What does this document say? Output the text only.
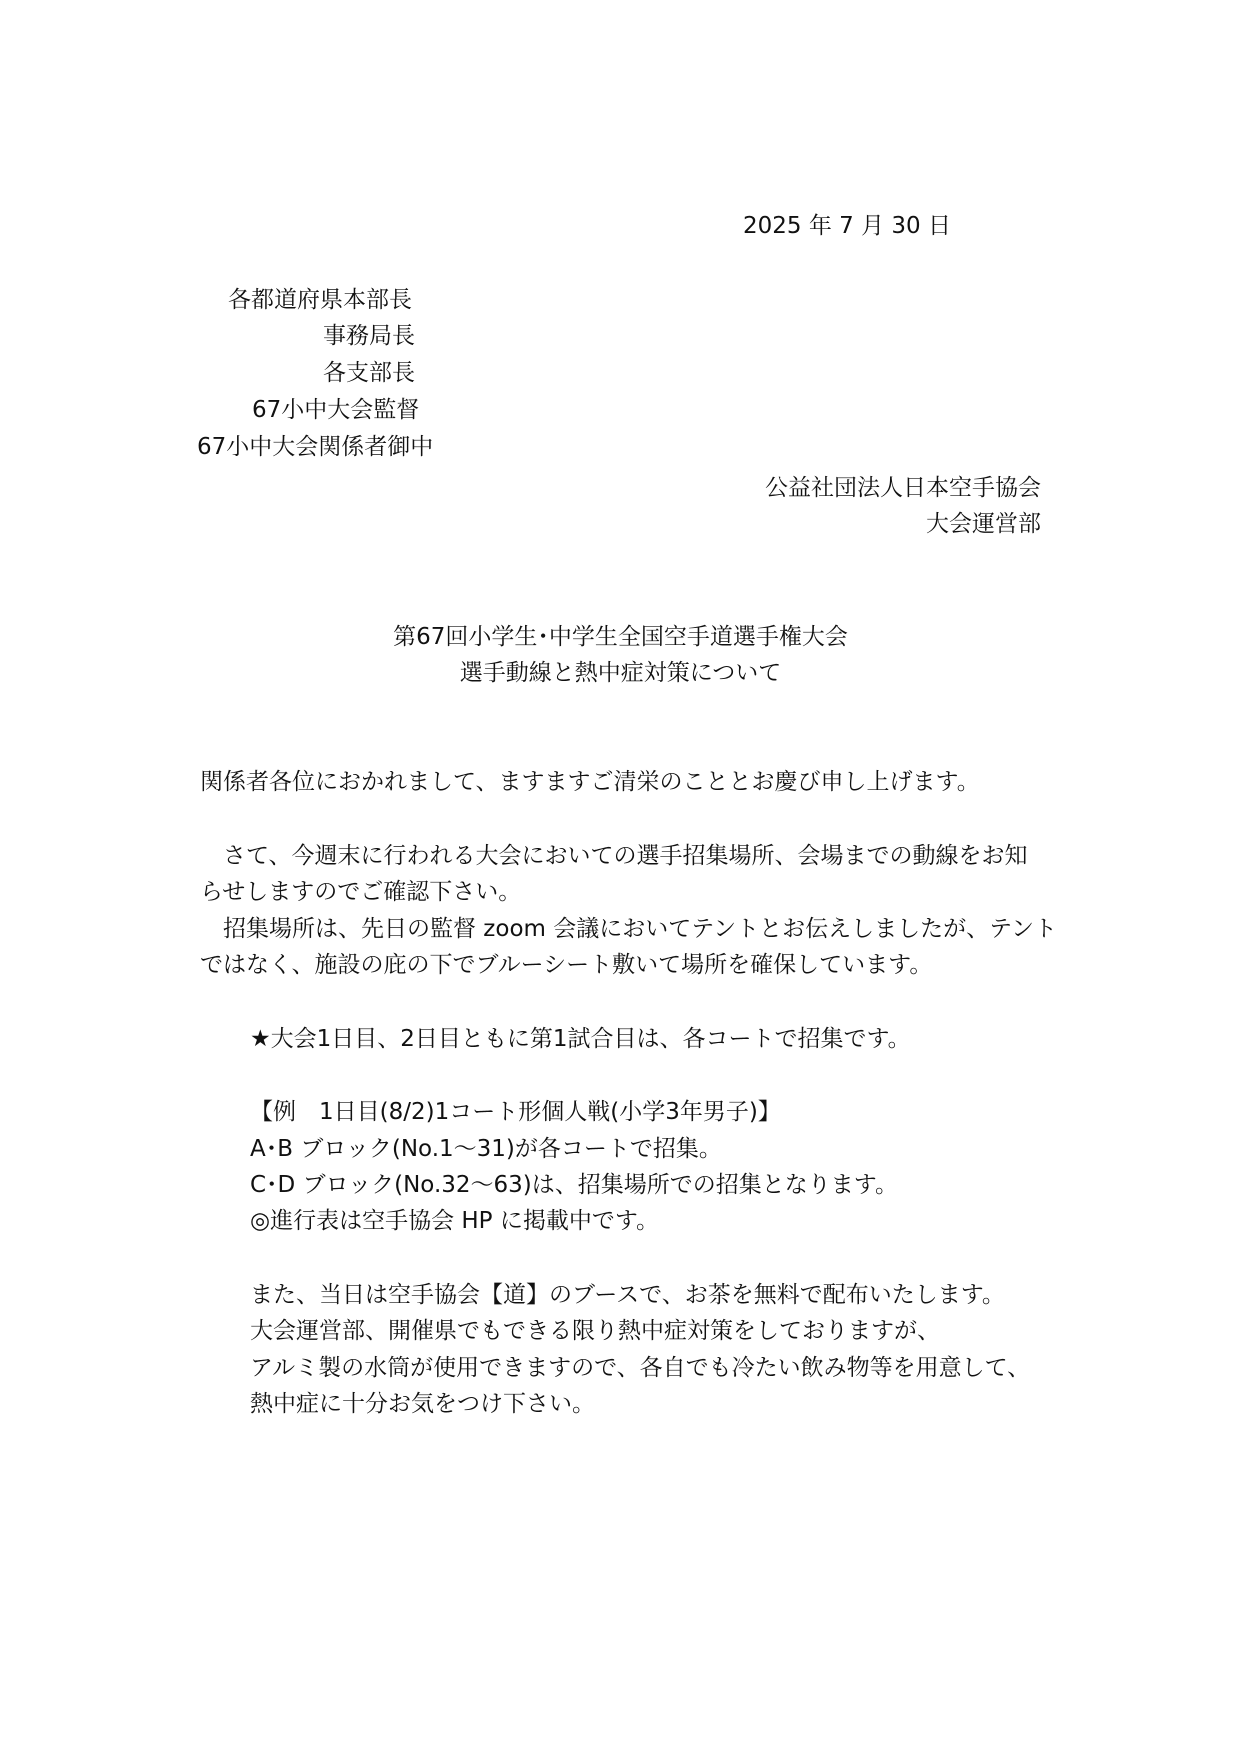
2025 年 7 月 30 日
各都道府県本部長
事務局長
各支部長
67小中大会監督
67小中大会関係者御中
公益社団法人日本空手協会
大会運営部
第67回小学生･中学生全国空手道選手権大会
選手動線と熱中症対策について
関係者各位におかれまして、ますますご清栄のこととお慶び申し上げます。
　さて、今週末に行われる大会においての選手招集場所、会場までの動線をお知
らせしますのでご確認下さい。
　招集場所は、先日の監督 zoom 会議においてテントとお伝えしましたが、テント
ではなく、施設の庇の下でブルーシート敷いて場所を確保しています。
★大会1日目、2日目ともに第1試合目は、各コートで招集です。
【例　1日目(8/2)1コート形個人戦(小学3年男子)】
A･B ブロック(No.1～31)が各コートで招集。
C･D ブロック(No.32～63)は、招集場所での招集となります。
◎進行表は空手協会 HP に掲載中です。
また、当日は空手協会【道】のブースで、お茶を無料で配布いたします。
大会運営部、開催県でもできる限り熱中症対策をしておりますが、
アルミ製の水筒が使用できますので、各自でも冷たい飲み物等を用意して、
熱中症に十分お気をつけ下さい。
